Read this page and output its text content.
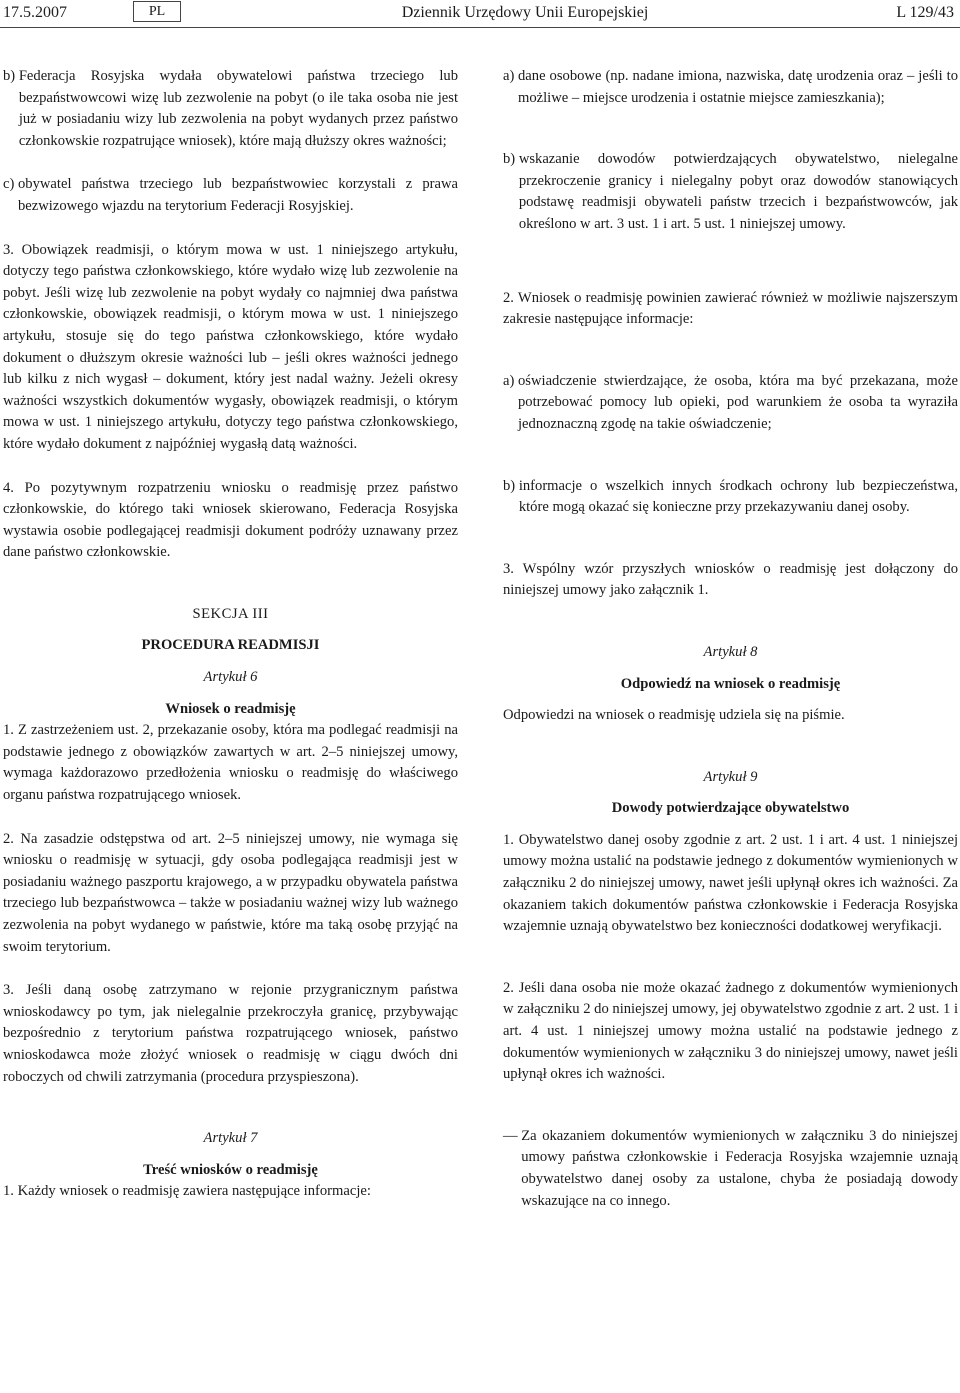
17.5.2007	PL	Dziennik Urzędowy Unii Europejskiej	L 129/43
b) Federacja Rosyjska wydała obywatelowi państwa trzeciego lub bezpaństwowcowi wizę lub zezwolenie na pobyt (o ile taka osoba nie jest już w posiadaniu wizy lub zezwolenia na pobyt wydanych przez państwo członkowskie rozpatrujące wniosek), które mają dłuższy okres ważności;
c) obywatel państwa trzeciego lub bezpaństwowiec korzystali z prawa bezwizowego wjazdu na terytorium Federacji Rosyjskiej.

3. Obowiązek readmisji, o którym mowa w ust. 1 niniejszego artykułu, dotyczy tego państwa członkowskiego, które wydało wizę lub zezwolenie na pobyt. Jeśli wizę lub zezwolenie na pobyt wydały co najmniej dwa państwa członkowskie, obowiązek readmisji, o którym mowa w ust. 1 niniejszego artykułu, stosuje się do tego państwa członkowskiego, które wydało dokument o dłuższym okresie ważności lub – jeśli okres ważności jednego lub kilku z nich wygasł – dokument, który jest nadal ważny. Jeżeli okresy ważności wszystkich dokumentów wygasły, obowiązek readmisji, o którym mowa w ust. 1 niniejszego artykułu, dotyczy tego państwa członkowskiego, które wydało dokument z najpóźniej wygasłą datą ważności.

4. Po pozytywnym rozpatrzeniu wniosku o readmisję przez państwo członkowskie, do którego taki wniosek skierowano, Federacja Rosyjska wystawia osobie podlegającej readmisji dokument podróży uznawany przez dane państwo członkowskie.

SEKCJA III

PROCEDURA READMISJI

Artykuł 6

Wniosek o readmisję

1. Z zastrzeżeniem ust. 2, przekazanie osoby, która ma podlegać readmisji na podstawie jednego z obowiązków zawartych w art. 2–5 niniejszej umowy, wymaga każdorazowo przedłożenia wniosku o readmisję do właściwego organu państwa rozpatrującego wniosek.

2. Na zasadzie odstępstwa od art. 2–5 niniejszej umowy, nie wymaga się wniosku o readmisję w sytuacji, gdy osoba podlegająca readmisji jest w posiadaniu ważnego paszportu krajowego, a w przypadku obywatela państwa trzeciego lub bezpaństwowca – także w posiadaniu ważnej wizy lub ważnego zezwolenia na pobyt wydanego w państwie, które ma taką osobę przyjąć na swoim terytorium.

3. Jeśli daną osobę zatrzymano w rejonie przygranicznym państwa wnioskodawcy po tym, jak nielegalnie przekroczyła granicę, przybywając bezpośrednio z terytorium państwa rozpatrującego wniosek, państwo wnioskodawca może złożyć wniosek o readmisję w ciągu dwóch dni roboczych od chwili zatrzymania (procedura przyspieszona).

Artykuł 7

Treść wniosków o readmisję

1. Każdy wniosek o readmisję zawiera następujące informacje:

a) dane osobowe (np. nadane imiona, nazwiska, datę urodzenia oraz – jeśli to możliwe – miejsce urodzenia i ostatnie miejsce zamieszkania);
b) wskazanie dowodów potwierdzających obywatelstwo, nielegalne przekroczenie granicy i nielegalny pobyt oraz dowodów stanowiących podstawę readmisji obywateli państw trzecich i bezpaństwowców, jak określono w art. 3 ust. 1 i art. 5 ust. 1 niniejszej umowy.

2. Wniosek o readmisję powinien zawierać również w możliwie najszerszym zakresie następujące informacje:

a) oświadczenie stwierdzające, że osoba, która ma być przekazana, może potrzebować pomocy lub opieki, pod warunkiem że osoba ta wyraziła jednoznaczną zgodę na takie oświadczenie;
b) informacje o wszelkich innych środkach ochrony lub bezpieczeństwa, które mogą okazać się konieczne przy przekazywaniu danej osoby.

3. Wspólny wzór przyszłych wniosków o readmisję jest dołączony do niniejszej umowy jako załącznik 1.

Artykuł 8

Odpowiedź na wniosek o readmisję

Odpowiedzi na wniosek o readmisję udziela się na piśmie.

Artykuł 9

Dowody potwierdzające obywatelstwo

1. Obywatelstwo danej osoby zgodnie z art. 2 ust. 1 i art. 4 ust. 1 niniejszej umowy można ustalić na podstawie jednego z dokumentów wymienionych w załączniku 2 do niniejszej umowy, nawet jeśli upłynął okres ich ważności. Za okazaniem takich dokumentów państwa członkowskie i Federacja Rosyjska wzajemnie uznają obywatelstwo bez konieczności dodatkowej weryfikacji.

2. Jeśli dana osoba nie może okazać żadnego z dokumentów wymienionych w załączniku 2 do niniejszej umowy, jej obywatelstwo zgodnie z art. 2 ust. 1 i art. 4 ust. 1 niniejszej umowy można ustalić na podstawie jednego z dokumentów wymienionych w załączniku 3 do niniejszej umowy, nawet jeśli upłynął okres ich ważności.

— Za okazaniem dokumentów wymienionych w załączniku 3 do niniejszej umowy państwa członkowskie i Federacja Rosyjska wzajemnie uznają obywatelstwo danej osoby za ustalone, chyba że posiadają dowody wskazujące na co innego.
